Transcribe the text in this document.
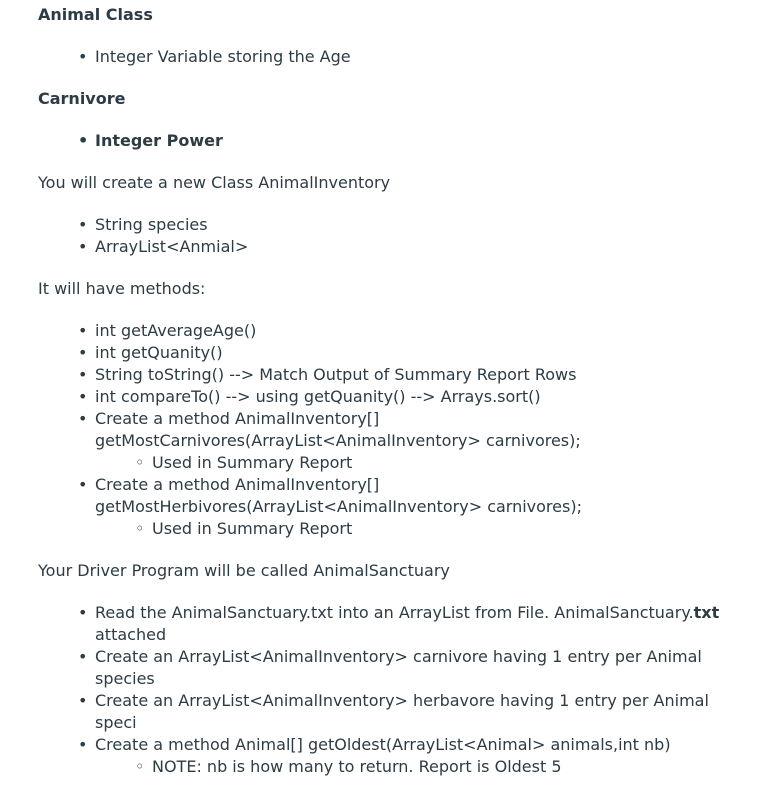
Animal Class

• Integer Variable storing the Age

Carnivore

• Integer Power

You will create a new Class AnimalInventory

• String species
• ArrayList<Anmial>

It will have methods:

• int getAverageAge()
• int getQuanity()
• String toString() --> Match Output of Summary Report Rows
• int compareTo() --> using getQuanity() --> Arrays.sort()
• Create a method AnimalInventory[]
getMostCarnivores(ArrayList<AnimalInventory> carnivores);
◦ Used in Summary Report
• Create a method AnimalInventory[]
getMostHerbivores(ArrayList<AnimalInventory> carnivores);
◦ Used in Summary Report

Your Driver Program will be called AnimalSanctuary

• Read the AnimalSanctuary.txt into an ArrayList from File. AnimalSanctuary.txt
attached
• Create an ArrayList<AnimalInventory> carnivore having 1 entry per Animal
species
• Create an ArrayList<AnimalInventory> herbavore having 1 entry per Animal
speci
• Create a method Animal[] getOldest(ArrayList<Animal> animals,int nb)
◦ NOTE: nb is how many to return. Report is Oldest 5
